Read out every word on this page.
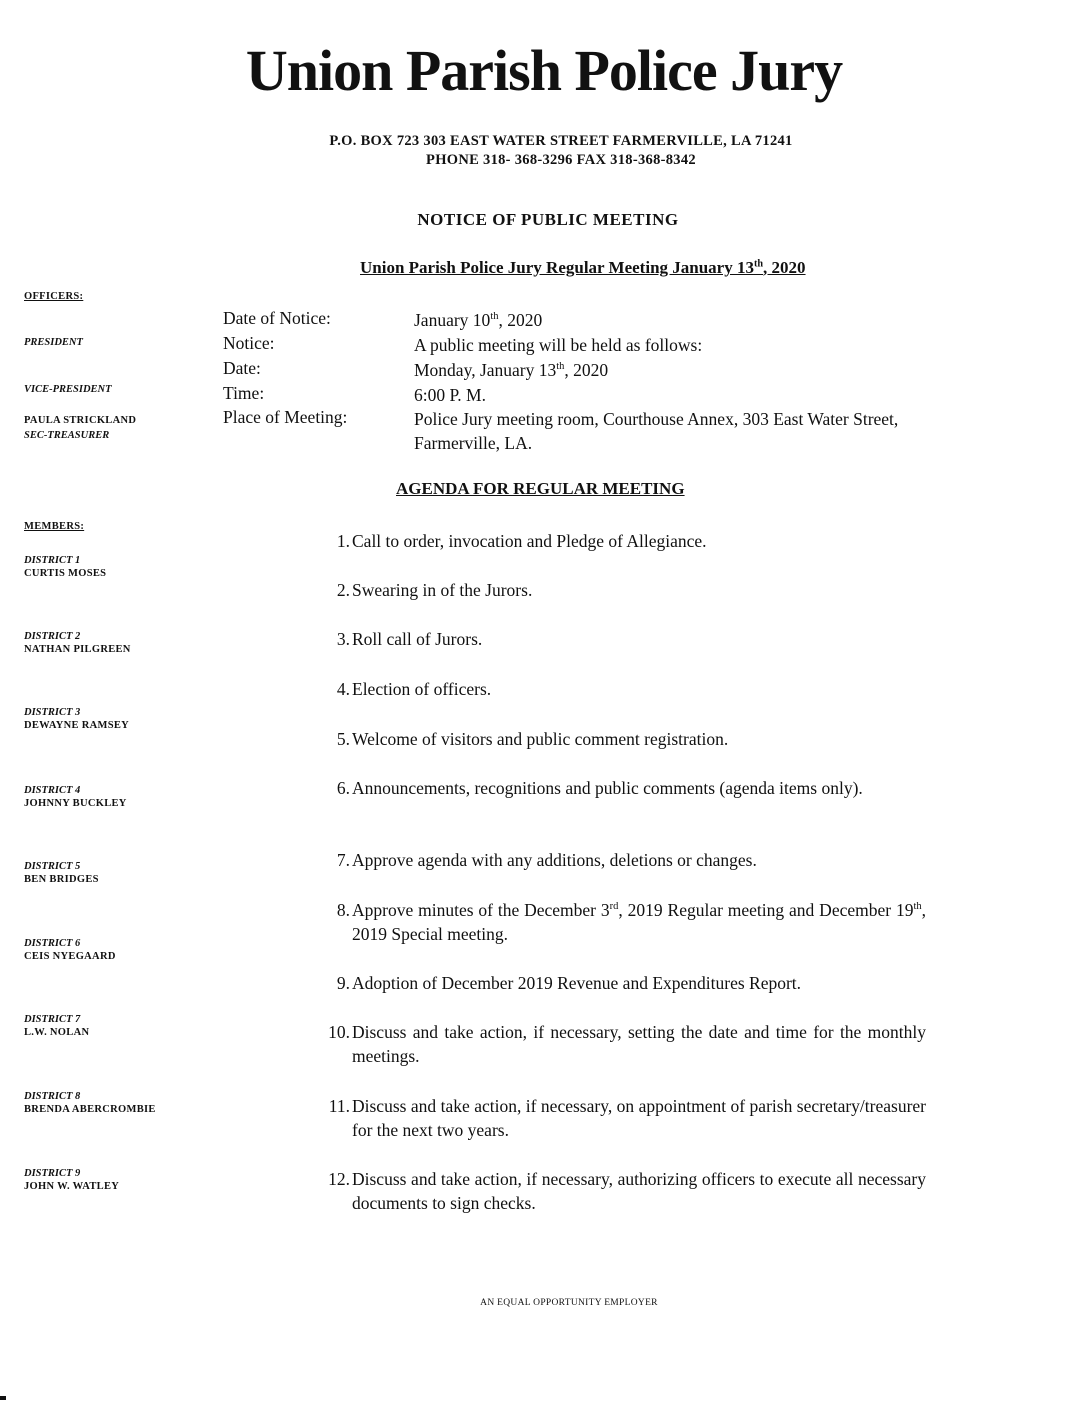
Union Parish Police Jury
P.O. BOX 723 303 EAST WATER STREET FARMERVILLE, LA 71241
PHONE 318- 368-3296 FAX 318-368-8342
NOTICE OF PUBLIC MEETING
Union Parish Police Jury Regular Meeting January 13th, 2020
OFFICERS:
PRESIDENT
VICE-PRESIDENT
PAULA STRICKLAND
SEC-TREASURER
MEMBERS:
DISTRICT 1
CURTIS MOSES
DISTRICT 2
NATHAN PILGREEN
DISTRICT 3
DEWAYNE RAMSEY
DISTRICT 4
JOHNNY BUCKLEY
DISTRICT 5
BEN BRIDGES
DISTRICT 6
CEIS NYEGAARD
DISTRICT 7
L.W. NOLAN
DISTRICT 8
BRENDA ABERCROMBIE
DISTRICT 9
JOHN W. WATLEY
Date of Notice:	January 10th, 2020
Notice:	A public meeting will be held as follows:
Date:	Monday, January 13th, 2020
Time:	6:00 P. M.
Place of Meeting:	Police Jury meeting room, Courthouse Annex, 303 East Water Street, Farmerville, LA.
AGENDA FOR REGULAR MEETING
1. Call to order, invocation and Pledge of Allegiance.
2. Swearing in of the Jurors.
3. Roll call of Jurors.
4. Election of officers.
5. Welcome of visitors and public comment registration.
6. Announcements, recognitions and public comments (agenda items only).
7. Approve agenda with any additions, deletions or changes.
8. Approve minutes of the December 3rd, 2019 Regular meeting and December 19th, 2019 Special meeting.
9. Adoption of December 2019 Revenue and Expenditures Report.
10. Discuss and take action, if necessary, setting the date and time for the monthly meetings.
11. Discuss and take action, if necessary, on appointment of parish secretary/treasurer for the next two years.
12. Discuss and take action, if necessary, authorizing officers to execute all necessary documents to sign checks.
AN EQUAL OPPORTUNITY EMPLOYER
